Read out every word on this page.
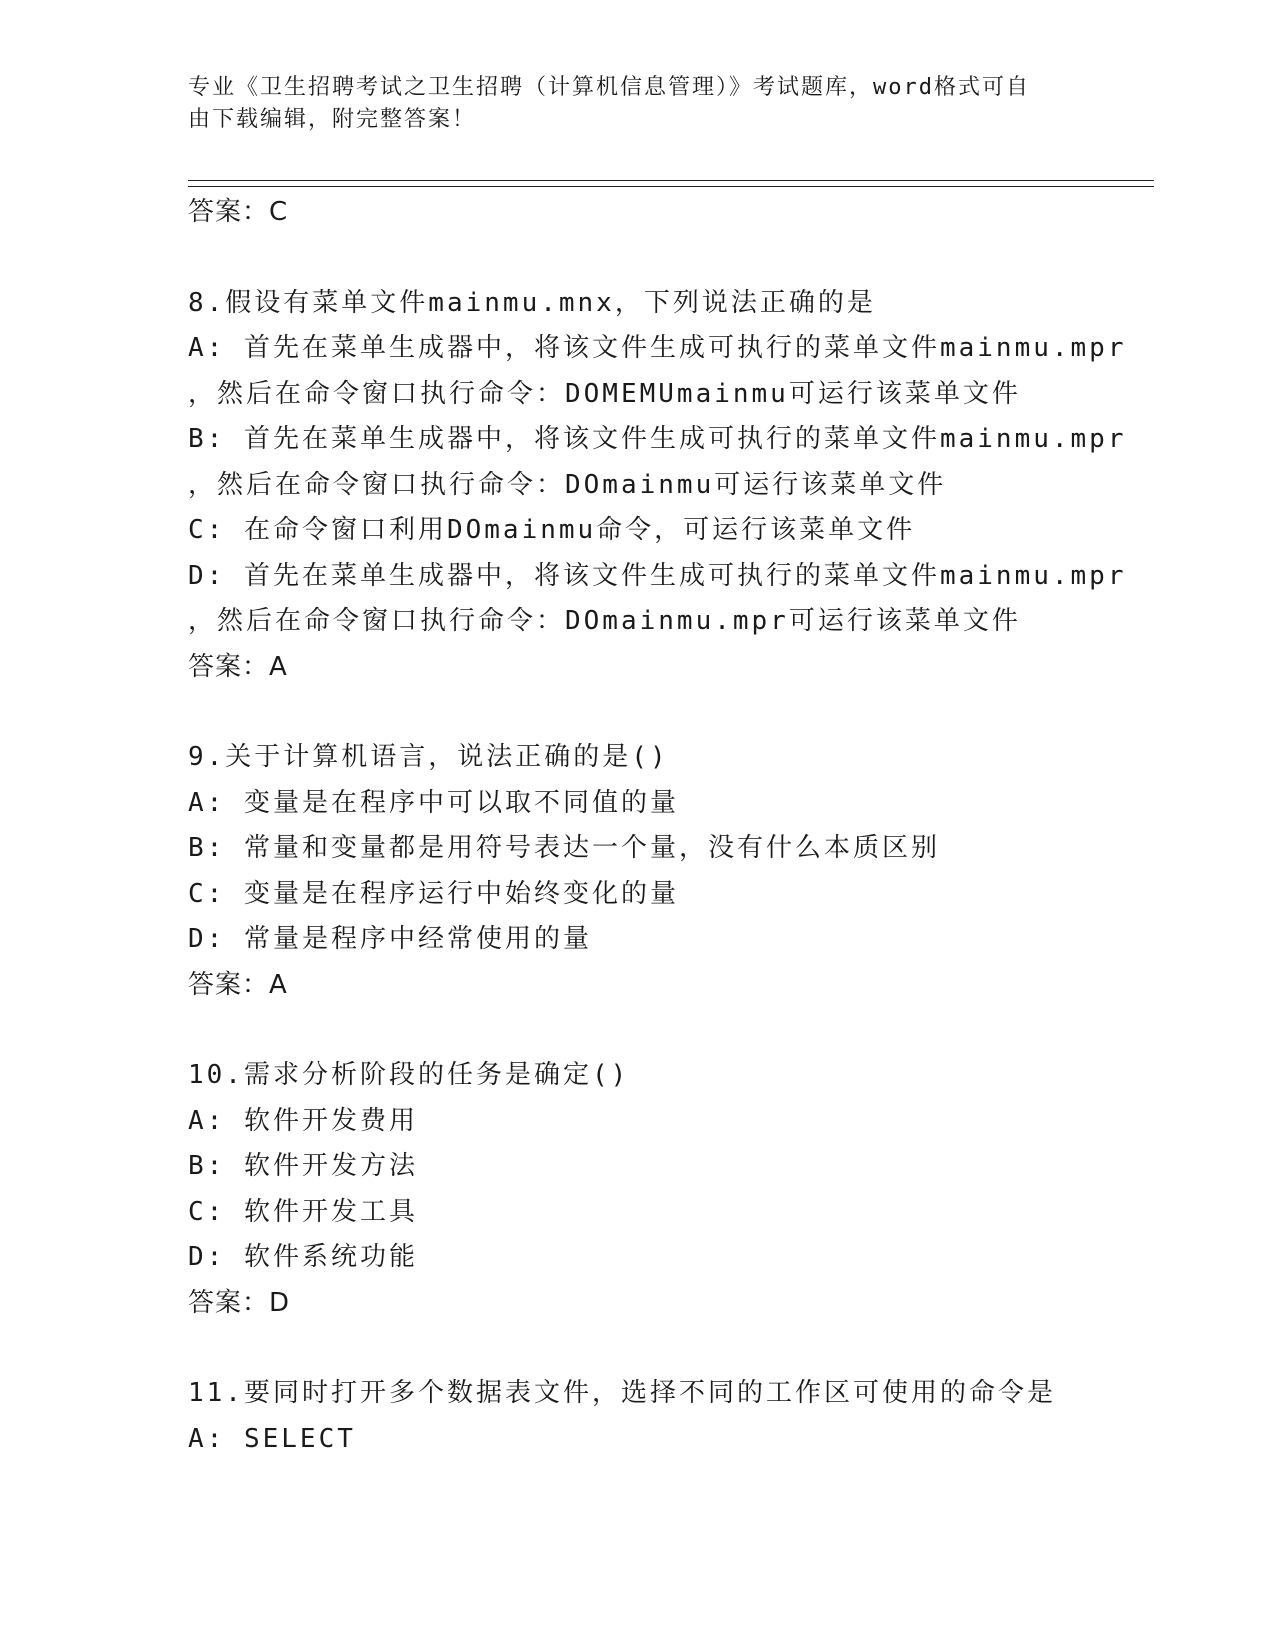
专业《卫生招聘考试之卫生招聘（计算机信息管理）》考试题库，word格式可自
由下载编辑，附完整答案！
答案：C
8.假设有菜单文件mainmu.mnx，下列说法正确的是
A: 首先在菜单生成器中，将该文件生成可执行的菜单文件mainmu.mpr
，然后在命令窗口执行命令：DOMEMUmainmu可运行该菜单文件
B: 首先在菜单生成器中，将该文件生成可执行的菜单文件mainmu.mpr
，然后在命令窗口执行命令：DOmainmu可运行该菜单文件
C: 在命令窗口利用DOmainmu命令，可运行该菜单文件
D: 首先在菜单生成器中，将该文件生成可执行的菜单文件mainmu.mpr
，然后在命令窗口执行命令：DOmainmu.mpr可运行该菜单文件
答案：A
9.关于计算机语言，说法正确的是()
A: 变量是在程序中可以取不同值的量
B: 常量和变量都是用符号表达一个量，没有什么本质区别
C: 变量是在程序运行中始终变化的量
D: 常量是程序中经常使用的量
答案：A
10.需求分析阶段的任务是确定()
A: 软件开发费用
B: 软件开发方法
C: 软件开发工具
D: 软件系统功能
答案：D
11.要同时打开多个数据表文件，选择不同的工作区可使用的命令是
A: SELECT
